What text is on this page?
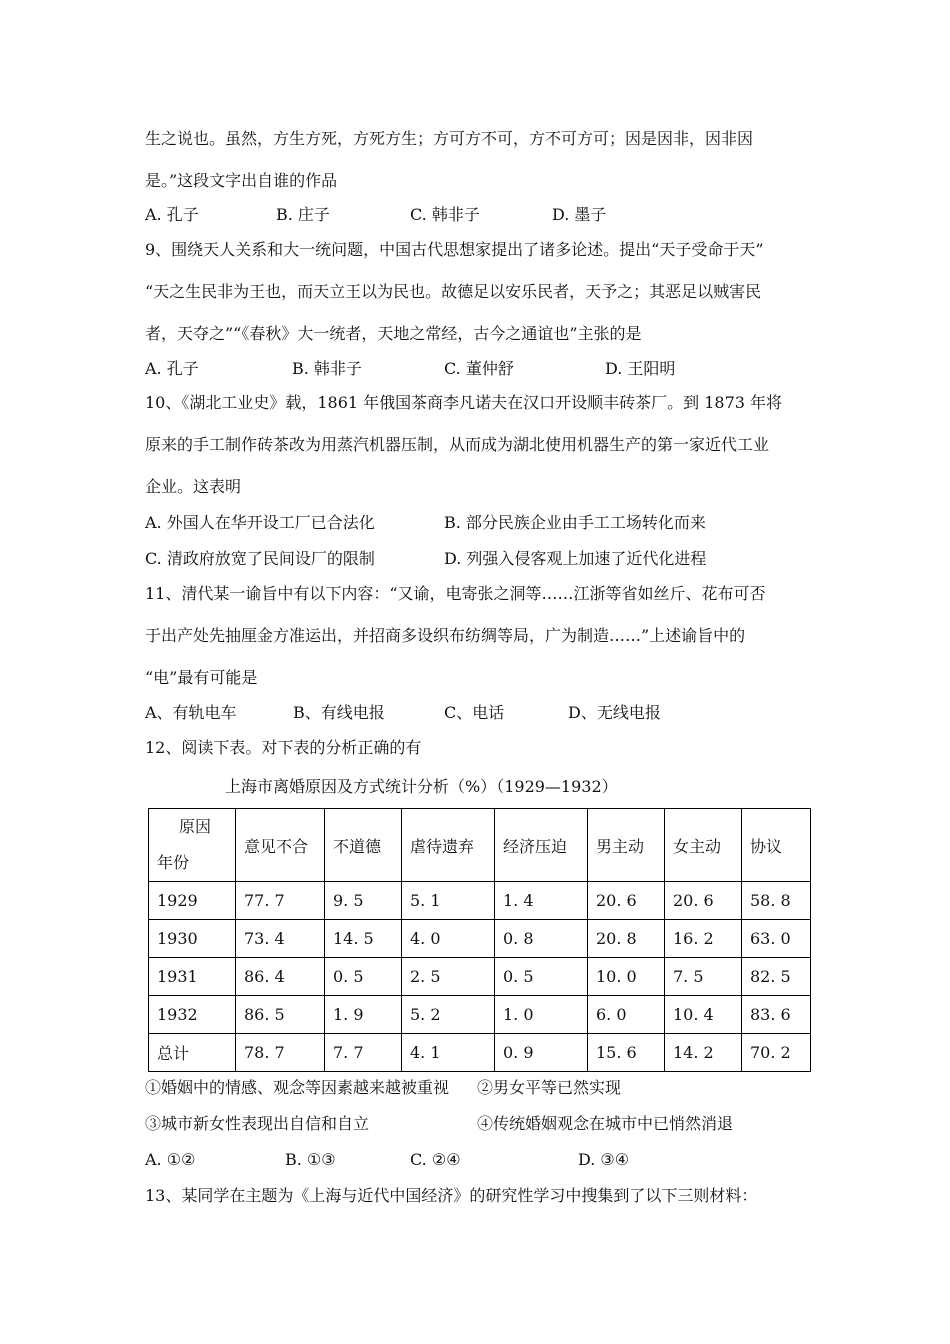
生之说也。虽然，方生方死，方死方生；方可方不可，方不可方可；因是因非，因非因
是。”这段文字出自谁的作品
A. 孔子	B. 庄子	C. 韩非子	D. 墨子
9、围绕天人关系和大一统问题，中国古代思想家提出了诸多论述。提出“天子受命于天”
“天之生民非为王也，而天立王以为民也。故德足以安乐民者，天予之；其恶足以贼害民
者，天夺之”“《春秋》大一统者，天地之常经，古今之通谊也”主张的是
A. 孔子	B. 韩非子	C. 董仲舒	D. 王阳明
10、《湖北工业史》载，1861 年俄国茶商李凡诺夫在汉口开设顺丰砖茶厂。到 1873 年将
原来的手工制作砖茶改为用蒸汽机器压制，从而成为湖北使用机器生产的第一家近代工业
企业。这表明
A. 外国人在华开设工厂已合法化	B. 部分民族企业由手工工场转化而来
C. 清政府放宽了民间设厂的限制	D. 列强入侵客观上加速了近代化进程
11、清代某一谕旨中有以下内容：“又谕，电寄张之洞等……江浙等省如丝斤、花布可否
于出产处先抽厘金方准运出，并招商多设织布纺绸等局，广为制造……”上述谕旨中的
“电”最有可能是
A、有轨电车	B、有线电报	C、电话	D、无线电报
12、阅读下表。对下表的分析正确的有
上海市离婚原因及方式统计分析（%）（1929—1932）
原因
年份	意见不合	不道德	虐待遗弃	经济压迫	男主动	女主动	协议
1929	77. 7	9. 5	5. 1	1. 4	20. 6	20. 6	58. 8
1930	73. 4	14. 5	4. 0	0. 8	20. 8	16. 2	63. 0
1931	86. 4	0. 5	2. 5	0. 5	10. 0	7. 5	82. 5
1932	86. 5	1. 9	5. 2	1. 0	6. 0	10. 4	83. 6
总计	78. 7	7. 7	4. 1	0. 9	15. 6	14. 2	70. 2
①婚姻中的情感、观念等因素越来越被重视 ②男女平等已然实现
③城市新女性表现出自信和自立	④传统婚姻观念在城市中已悄然消退
A. ①②	B. ①③	C. ②④	D. ③④
13、某同学在主题为《上海与近代中国经济》的研究性学习中搜集到了以下三则材料：
